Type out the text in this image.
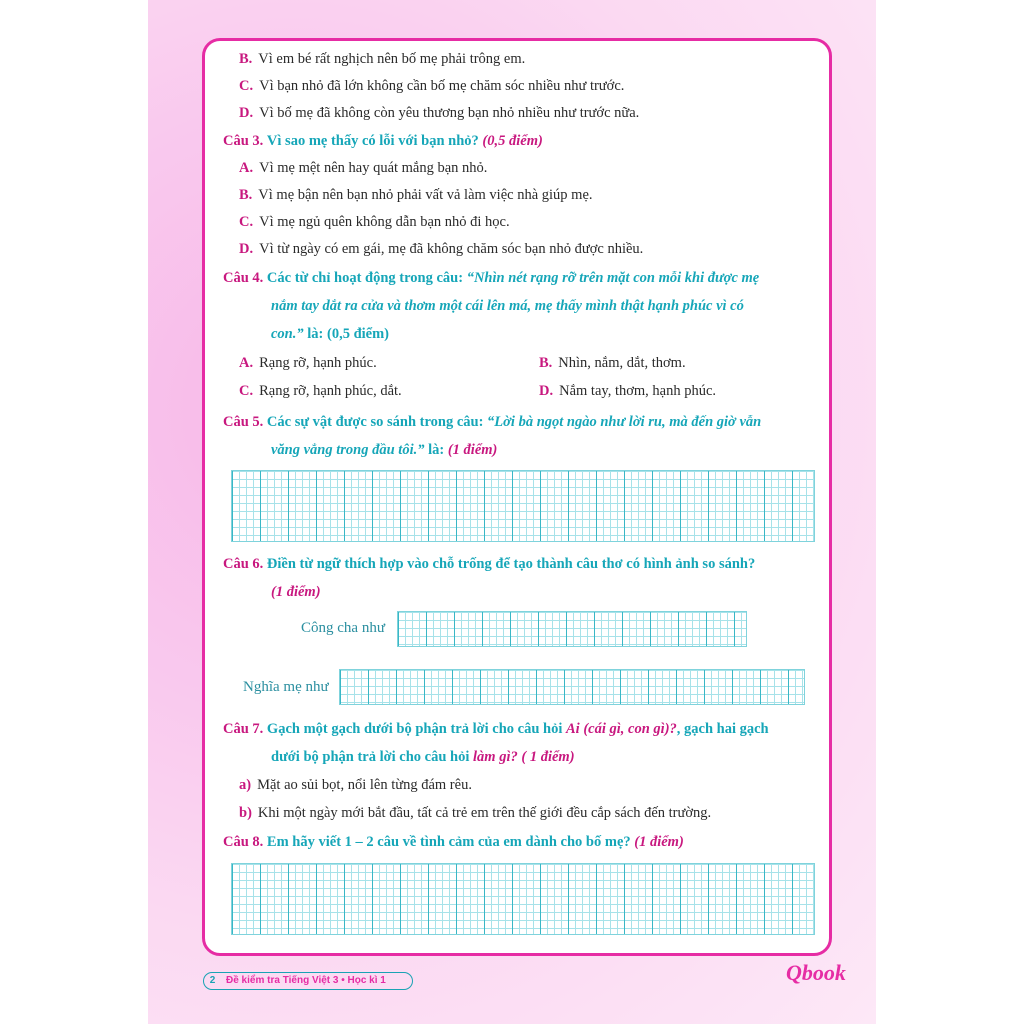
B. Vì em bé rất nghịch nên bố mẹ phải trông em.
C. Vì bạn nhỏ đã lớn không cần bố mẹ chăm sóc nhiều như trước.
D. Vì bố mẹ đã không còn yêu thương bạn nhỏ nhiều như trước nữa.
Câu 3. Vì sao mẹ thấy có lỗi với bạn nhỏ? (0,5 điểm)
A. Vì mẹ mệt nên hay quát mắng bạn nhỏ.
B. Vì mẹ bận nên bạn nhỏ phải vất vả làm việc nhà giúp mẹ.
C. Vì mẹ ngủ quên không dẫn bạn nhỏ đi học.
D. Vì từ ngày có em gái, mẹ đã không chăm sóc bạn nhỏ được nhiều.
Câu 4. Các từ chỉ hoạt động trong câu: “Nhìn nét rạng rỡ trên mặt con mỗi khi được mẹ
nắm tay dắt ra cửa và thơm một cái lên má, mẹ thấy mình thật hạnh phúc vì có
con.” là: (0,5 điểm)
A. Rạng rỡ, hạnh phúc.	B. Nhìn, nắm, dắt, thơm.
C. Rạng rỡ, hạnh phúc, dắt.	D. Nắm tay, thơm, hạnh phúc.
Câu 5. Các sự vật được so sánh trong câu: “Lời bà ngọt ngào như lời ru, mà đến giờ vẫn
văng vẳng trong đầu tôi.” là: (1 điểm)
Câu 6. Điền từ ngữ thích hợp vào chỗ trống để tạo thành câu thơ có hình ảnh so sánh?
(1 điểm)
Công cha như
Nghĩa mẹ như
Câu 7. Gạch một gạch dưới bộ phận trả lời cho câu hỏi Ai (cái gì, con gì)?, gạch hai gạch
dưới bộ phận trả lời cho câu hỏi làm gì? ( 1 điểm)
a) Mặt ao sủi bọt, nổi lên từng đám rêu.
b) Khi một ngày mới bắt đầu, tất cả trẻ em trên thế giới đều cắp sách đến trường.
Câu 8. Em hãy viết 1 – 2 câu về tình cảm của em dành cho bố mẹ? (1 điểm)
2	Đề kiểm tra Tiếng Việt 3 • Học kì 1	Qbook
